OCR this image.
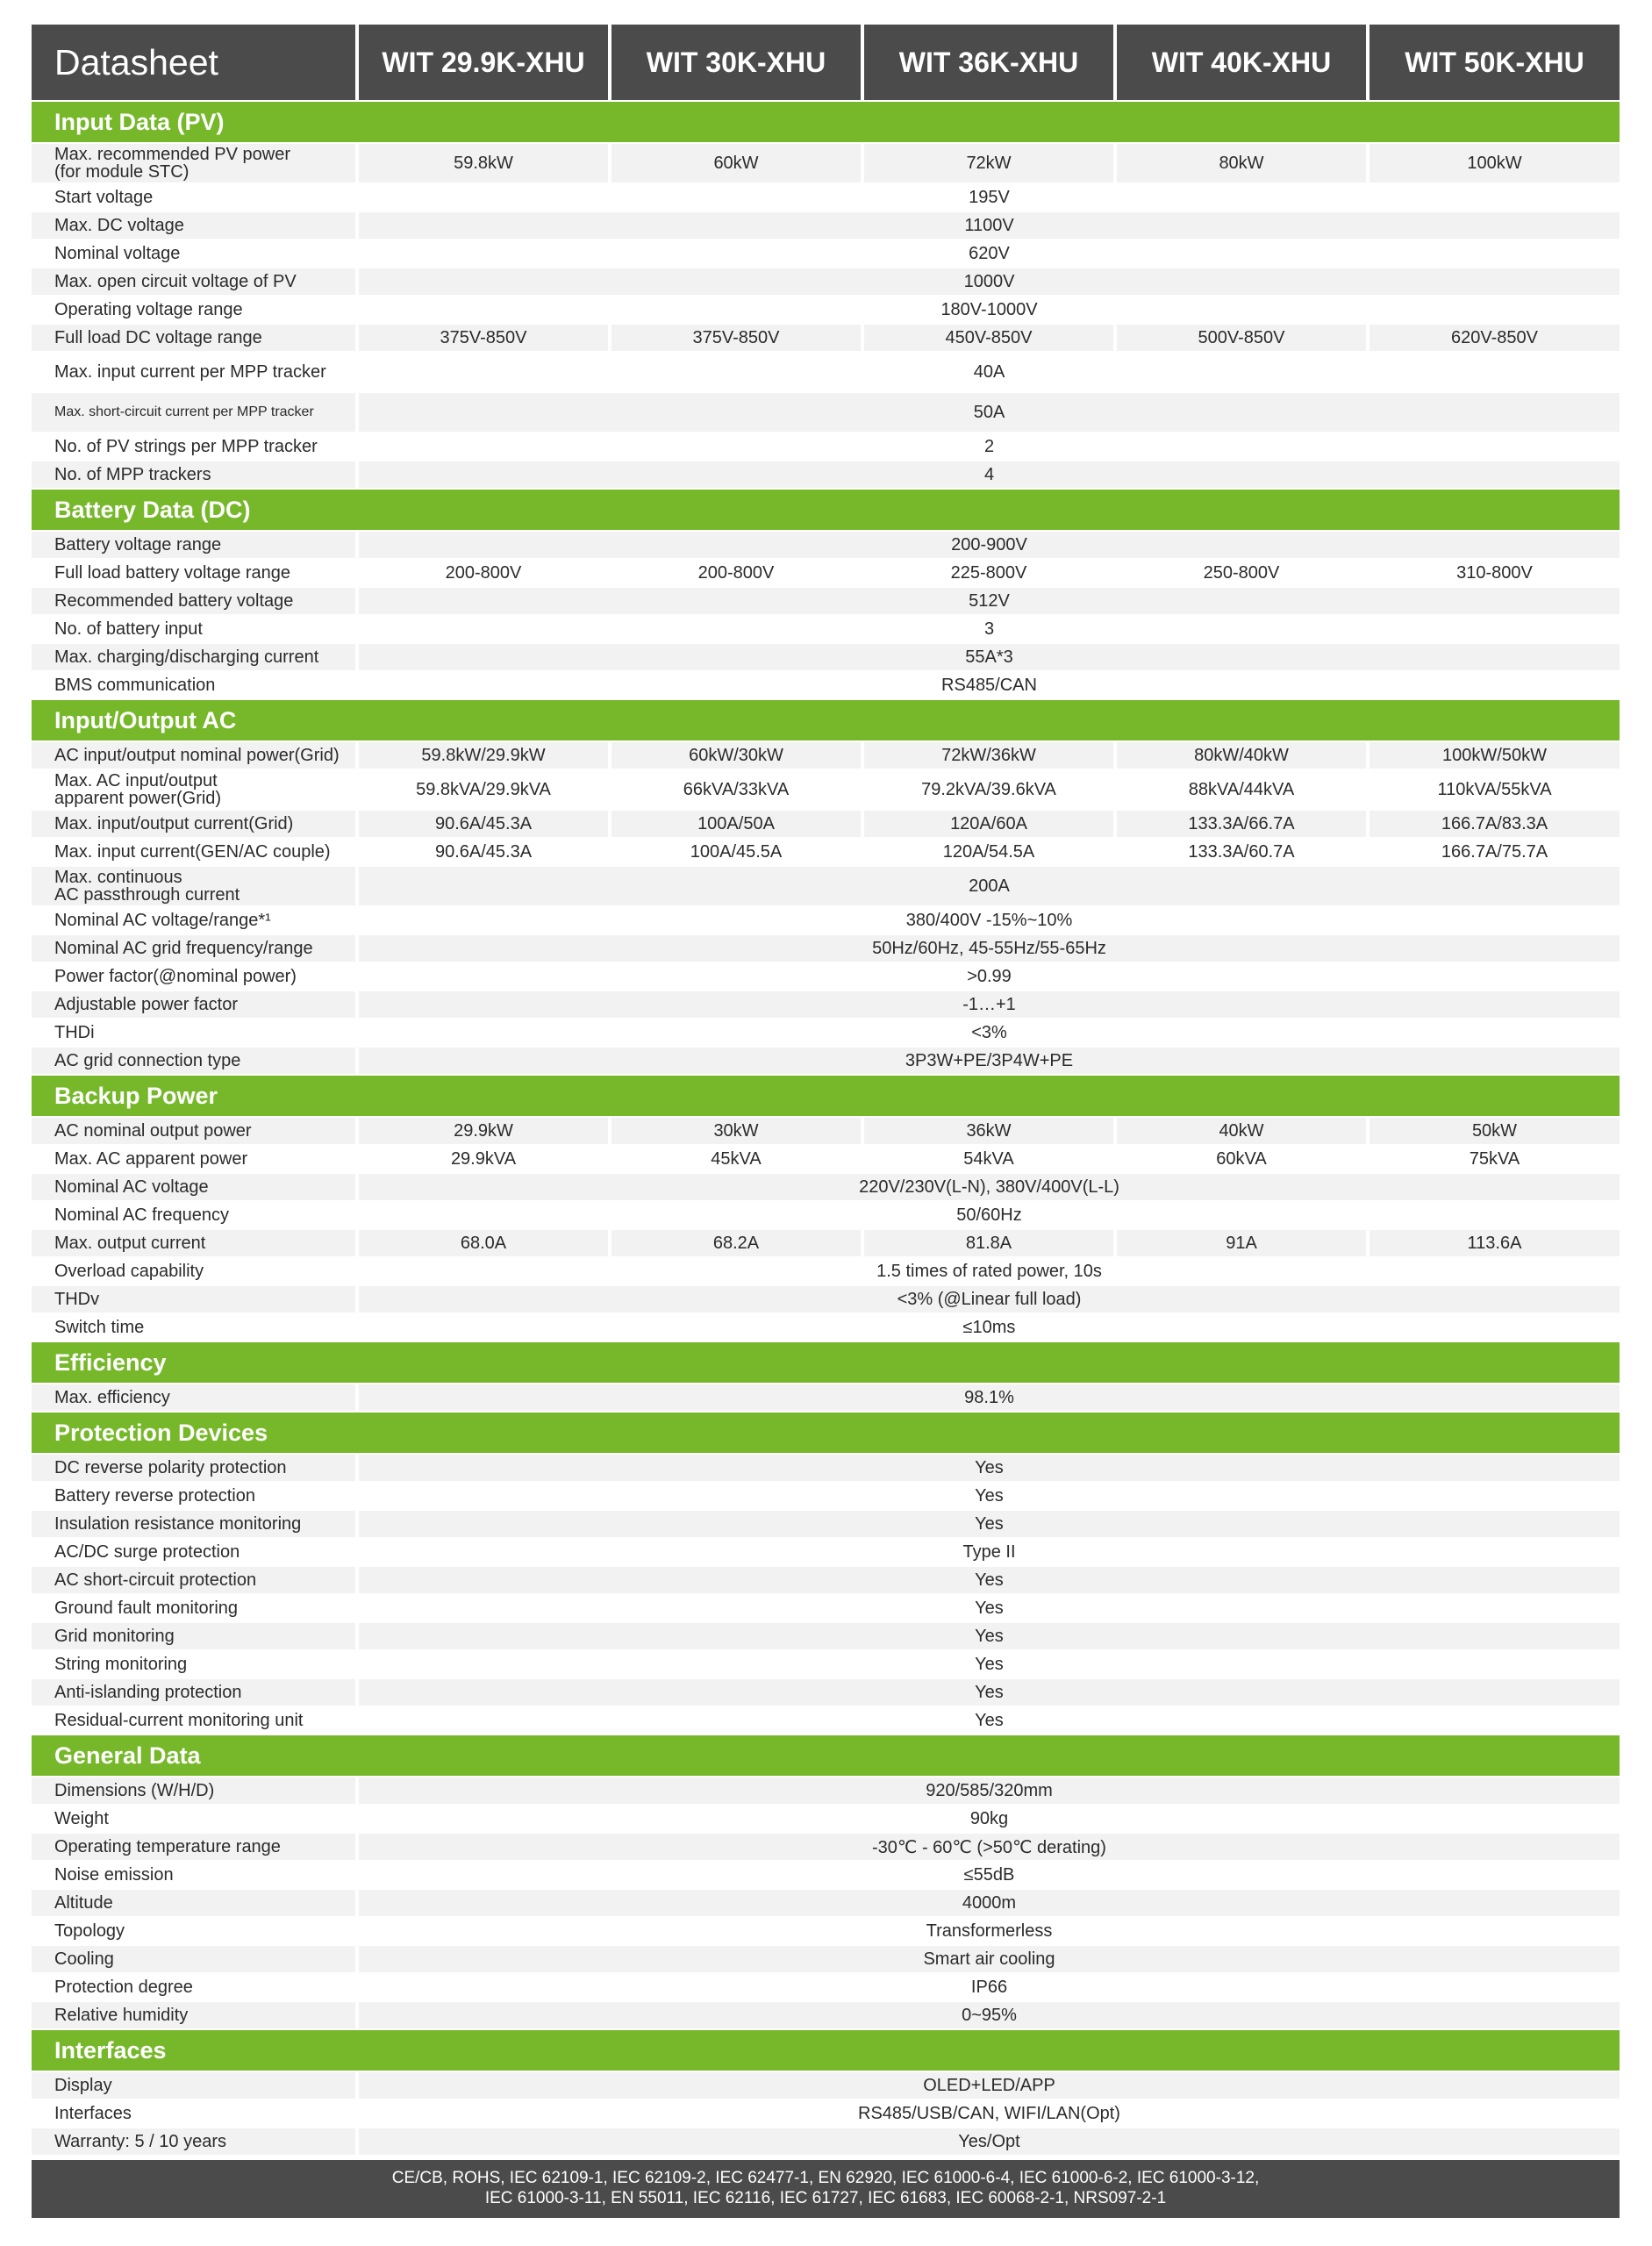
Datasheet	WIT 29.9K-XHU	WIT 30K-XHU	WIT 36K-XHU	WIT 40K-XHU	WIT 50K-XHU
Input Data (PV)
Max. recommended PV power
(for module STC)	59.8kW	60kW	72kW	80kW	100kW
Start voltage	195V
Max. DC voltage	1100V
Nominal voltage	620V
Max. open circuit voltage of PV	1000V
Operating voltage range	180V-1000V
Full load DC voltage range	375V-850V	375V-850V	450V-850V	500V-850V	620V-850V
Max. input current per MPP tracker	40A
Max. short-circuit current per MPP tracker	50A
No. of PV strings per MPP tracker	2
No. of MPP trackers	4
Battery Data (DC)
Battery voltage range	200-900V
Full load battery voltage range	200-800V	200-800V	225-800V	250-800V	310-800V
Recommended battery voltage	512V
No. of battery input	3
Max. charging/discharging current	55A*3
BMS communication	RS485/CAN
Input/Output AC
AC input/output nominal power(Grid)	59.8kW/29.9kW	60kW/30kW	72kW/36kW	80kW/40kW	100kW/50kW
Max. AC input/output
apparent power(Grid)	59.8kVA/29.9kVA	66kVA/33kVA	79.2kVA/39.6kVA	88kVA/44kVA	110kVA/55kVA
Max. input/output current(Grid)	90.6A/45.3A	100A/50A	120A/60A	133.3A/66.7A	166.7A/83.3A
Max. input current(GEN/AC couple)	90.6A/45.3A	100A/45.5A	120A/54.5A	133.3A/60.7A	166.7A/75.7A
Max. continuous
AC passthrough current	200A
Nominal AC voltage/range*¹	380/400V -15%~10%
Nominal AC grid frequency/range	50Hz/60Hz, 45-55Hz/55-65Hz
Power factor(@nominal power)	>0.99
Adjustable power factor	-1…+1
THDi	<3%
AC grid connection type	3P3W+PE/3P4W+PE
Backup Power
AC nominal output power	29.9kW	30kW	36kW	40kW	50kW
Max. AC apparent power	29.9kVA	45kVA	54kVA	60kVA	75kVA
Nominal AC voltage	220V/230V(L-N), 380V/400V(L-L)
Nominal AC frequency	50/60Hz
Max. output current	68.0A	68.2A	81.8A	91A	113.6A
Overload capability	1.5 times of rated power, 10s
THDv	<3% (@Linear full load)
Switch time	≤10ms
Efficiency
Max. efficiency	98.1%
Protection Devices
DC reverse polarity protection	Yes
Battery reverse protection	Yes
Insulation resistance monitoring	Yes
AC/DC surge protection	Type II
AC short-circuit protection	Yes
Ground fault monitoring	Yes
Grid monitoring	Yes
String monitoring	Yes
Anti-islanding protection	Yes
Residual-current monitoring unit	Yes
General Data
Dimensions (W/H/D)	920/585/320mm
Weight	90kg
Operating temperature range	-30℃ - 60℃ (>50℃ derating)
Noise emission	≤55dB
Altitude	4000m
Topology	Transformerless
Cooling	Smart air cooling
Protection degree	IP66
Relative humidity	0~95%
Interfaces
Display	OLED+LED/APP
Interfaces	RS485/USB/CAN, WIFI/LAN(Opt)
Warranty: 5 / 10 years	Yes/Opt
CE/CB, ROHS, IEC 62109-1, IEC 62109-2, IEC 62477-1, EN 62920, IEC 61000-6-4, IEC 61000-6-2, IEC 61000-3-12,
IEC 61000-3-11, EN 55011, IEC 62116, IEC 61727, IEC 61683, IEC 60068-2-1, NRS097-2-1
